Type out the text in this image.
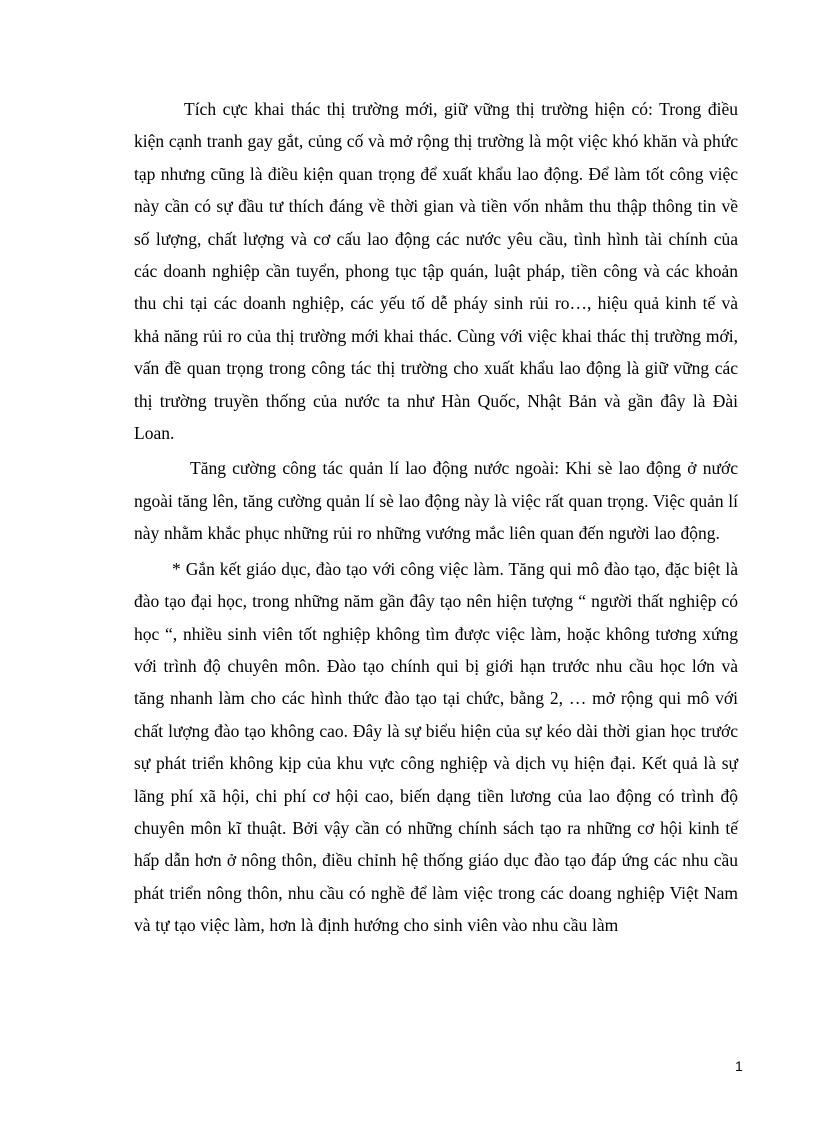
Tích cực khai thác thị trường mới, giữ vững thị trường hiện có: Trong điều kiện cạnh tranh gay gắt, củng cố và mở rộng thị trường là một việc khó khăn và phức tạp nhưng cũng là điều kiện quan trọng để xuất khẩu lao động. Để làm tốt công việc này cần có sự đầu tư thích đáng về thời gian và tiền vốn nhằm thu thập thông tin về số lượng, chất lượng và cơ cấu lao động các nước yêu cầu, tình hình tài chính của các doanh nghiệp cần tuyển, phong tục tập quán, luật pháp, tiền công và các khoản thu chi tại các doanh nghiệp, các yếu tố dễ pháy sinh rủi ro…, hiệu quả kinh tế và khả năng rủi ro của thị trường mới khai thác. Cùng với việc khai thác thị trường mới, vấn đề quan trọng trong công tác thị trường cho xuất khẩu lao động là giữ vững các thị trường truyền thống của nước ta như Hàn Quốc, Nhật Bản và gần đây là Đài Loan.

Tăng cường công tác quản lí lao động nước ngoài: Khi sè lao động ở nước ngoài tăng lên, tăng cường quản lí sè lao động này là việc rất quan trọng. Việc quản lí này nhằm khắc phục những rủi ro những vướng mắc liên quan đến người lao động.

* Gắn kết giáo dục, đào tạo với công việc làm. Tăng qui mô đào tạo, đặc biệt là đào tạo đại học, trong những năm gần đây tạo nên hiện tượng “ người thất nghiệp có học “, nhiều sinh viên tốt nghiệp không tìm được việc làm, hoặc không tương xứng với trình độ chuyên môn. Đào tạo chính qui bị giới hạn trước nhu cầu học lớn và tăng nhanh làm cho các hình thức đào tạo tại chức, bằng 2, … mở rộng qui mô với chất lượng đào tạo không cao. Đây là sự biểu hiện của sự kéo dài thời gian học trước sự phát triển không kịp của khu vực công nghiệp và dịch vụ hiện đại. Kết quả là sự lãng phí xã hội, chi phí cơ hội cao, biến dạng tiền lương của lao động có trình độ chuyên môn kĩ thuật. Bởi vậy cần có những chính sách tạo ra những cơ hội kinh tế hấp dẫn hơn ở nông thôn, điều chỉnh hệ thống giáo dục đào tạo đáp ứng các nhu cầu phát triển nông thôn, nhu cầu có nghề để làm việc trong các doang nghiệp Việt Nam và tự tạo việc làm, hơn là định hướng cho sinh viên vào nhu cầu làm

1
